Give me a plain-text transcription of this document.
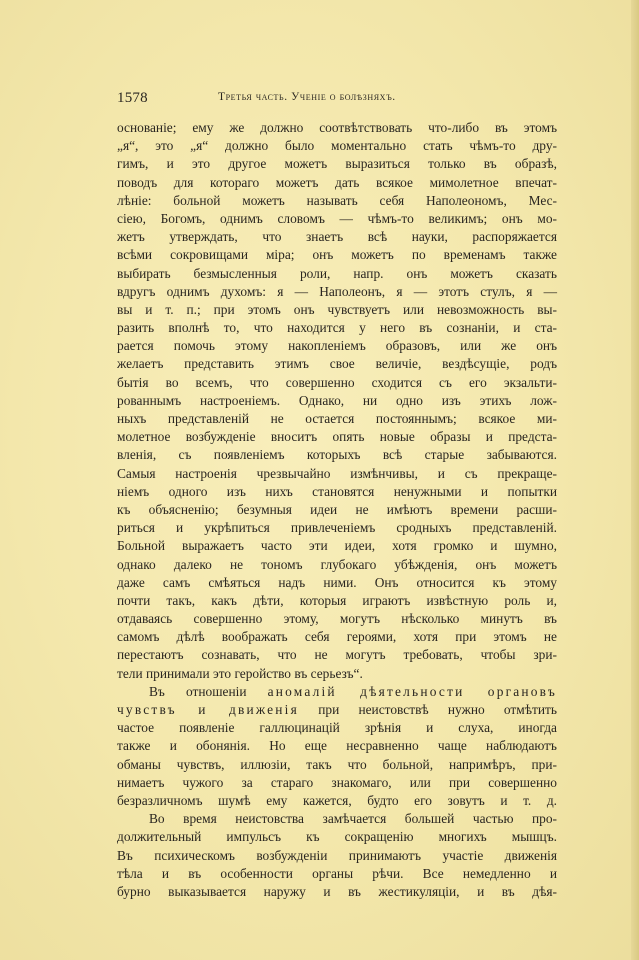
1578	Третья часть. Ученіе о болѣзняхъ.
основаніе; ему же должно соотвѣтствовать что-либо въ этомъ
„я“, это „я“ должно было моментально стать чѣмъ-то дру-
гимъ, и это другое можетъ выразиться только въ образѣ,
поводъ для котораго можетъ дать всякое мимолетное впечат-
лѣніе: больной можетъ называть себя Наполеономъ, Мес-
сіею, Богомъ, однимъ словомъ — чѣмъ-то великимъ; онъ мо-
жетъ утверждать, что знаетъ всѣ науки, распоряжается
всѣми сокровищами міра; онъ можетъ по временамъ также
выбирать безмысленныя роли, напр. онъ можетъ сказать
вдругъ однимъ духомъ: я — Наполеонъ, я — этотъ стулъ, я —
вы и т. п.; при этомъ онъ чувствуетъ или невозможность вы-
разить вполнѣ то, что находится у него въ сознаніи, и ста-
рается помочь этому накопленіемъ образовъ, или же онъ
желаетъ представить этимъ свое величіе, вездѣсущіе, родъ
бытія во всемъ, что совершенно сходится съ его экзальти-
рованнымъ настроеніемъ. Однако, ни одно изъ этихъ лож-
ныхъ представленій не остается постояннымъ; всякое ми-
молетное возбужденіе вноситъ опять новые образы и предста-
вленія, съ появленіемъ которыхъ всѣ старые забываются.
Самыя настроенія чрезвычайно измѣнчивы, и съ прекраще-
ніемъ одного изъ нихъ становятся ненужными и попытки
къ объясненію; безумныя идеи не имѣютъ времени расши-
риться и укрѣпиться привлеченіемъ сродныхъ представленій.
Больной выражаетъ часто эти идеи, хотя громко и шумно,
однако далеко не тономъ глубокаго убѣжденія, онъ можетъ
даже самъ смѣяться надъ ними. Онъ относится къ этому
почти такъ, какъ дѣти, которыя играютъ извѣстную роль и,
отдаваясь совершенно этому, могутъ нѣсколько минутъ въ
самомъ дѣлѣ воображать себя героями, хотя при этомъ не
перестаютъ сознавать, что не могутъ требовать, чтобы зри-
тели принимали это геройство въ серьезъ“.
Въ отношеніи аномалій дѣятельности органовъ
чувствъ и движенія при неистовствѣ нужно отмѣтить
частое появленіе галлюцинацій зрѣнія и слуха, иногда
также и обонянія. Но еще несравненно чаще наблюдаютъ
обманы чувствъ, иллюзіи, такъ что больной, напримѣръ, при-
нимаетъ чужого за стараго знакомаго, или при совершенно
безразличномъ шумѣ ему кажется, будто его зовутъ и т. д.
Во время неистовства замѣчается большей частью про-
должительный импульсъ къ сокращенію многихъ мышцъ.
Въ психическомъ возбужденіи принимаютъ участіе движенія
тѣла и въ особенности органы рѣчи. Все немедленно и
бурно выказывается наружу и въ жестикуляціи, и въ дѣя-
